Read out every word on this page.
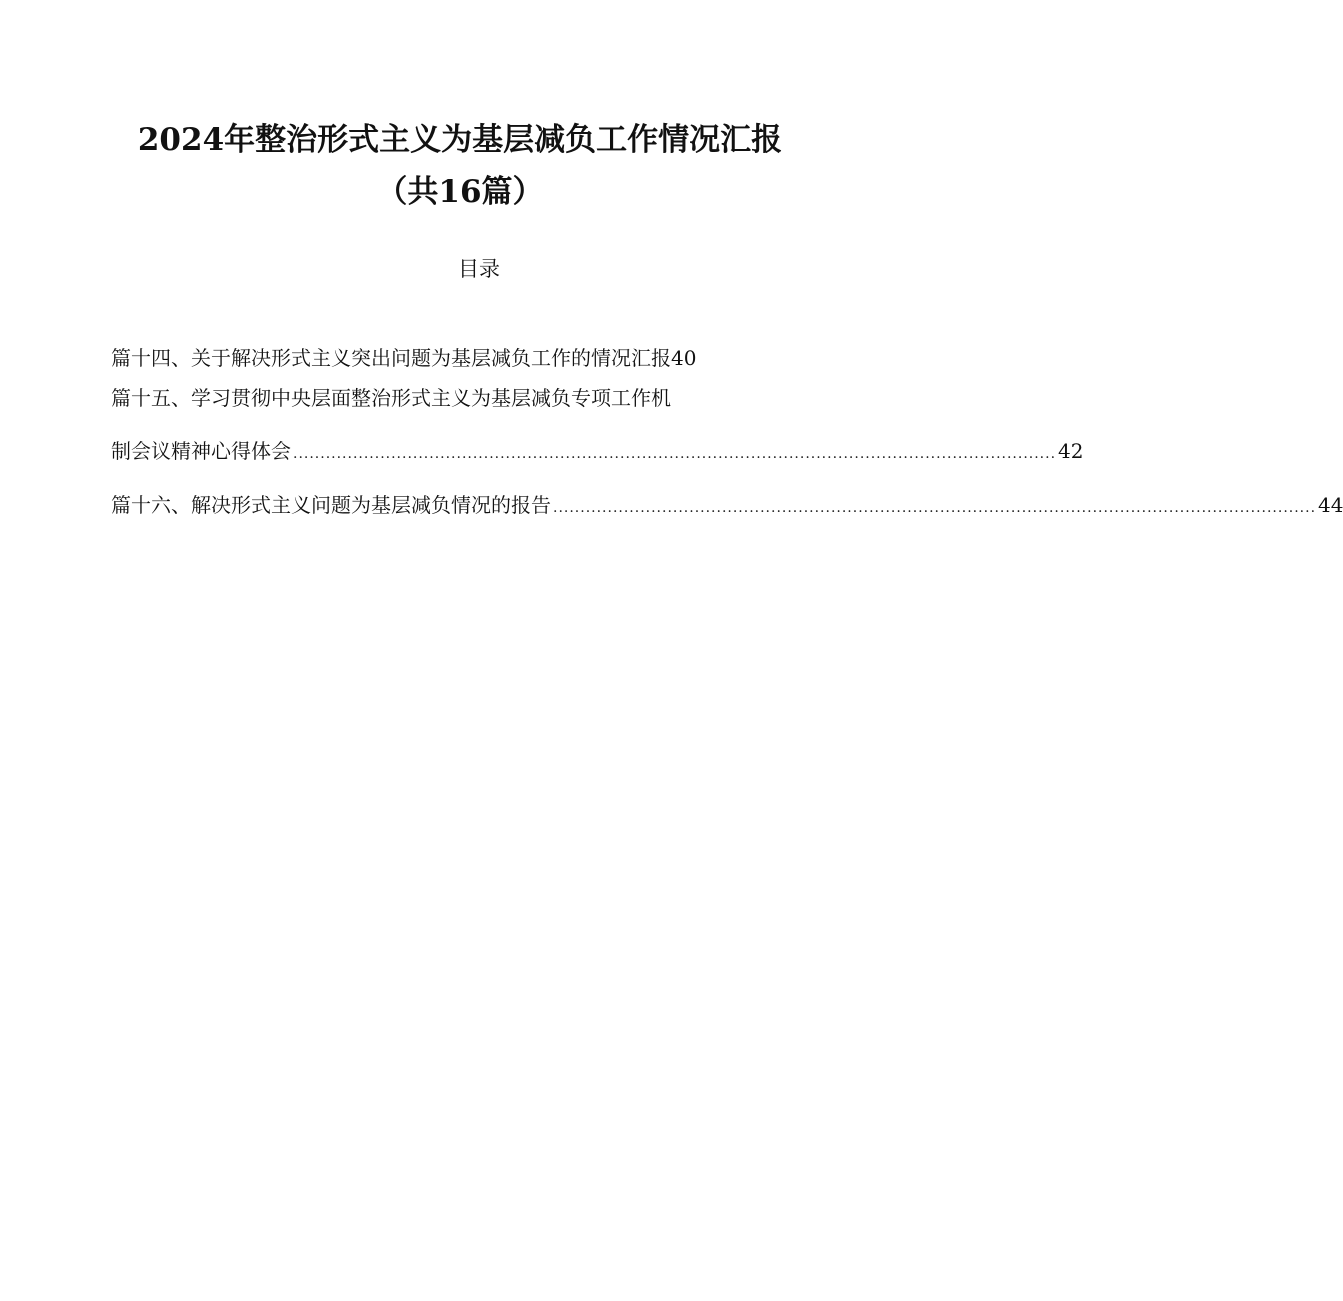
2024年整治形式主义为基层减负工作情况汇报
（共16篇）
目录
篇十四、关于解决形式主义突出问题为基层减负工作的情况汇报 40
篇十五、学习贯彻中央层面整治形式主义为基层减负专项工作机
制会议精神心得体会 ............................................................................................................................................ 42
篇十六、解决形式主义问题为基层减负情况的报告 ............................................................................................................................................ 44
